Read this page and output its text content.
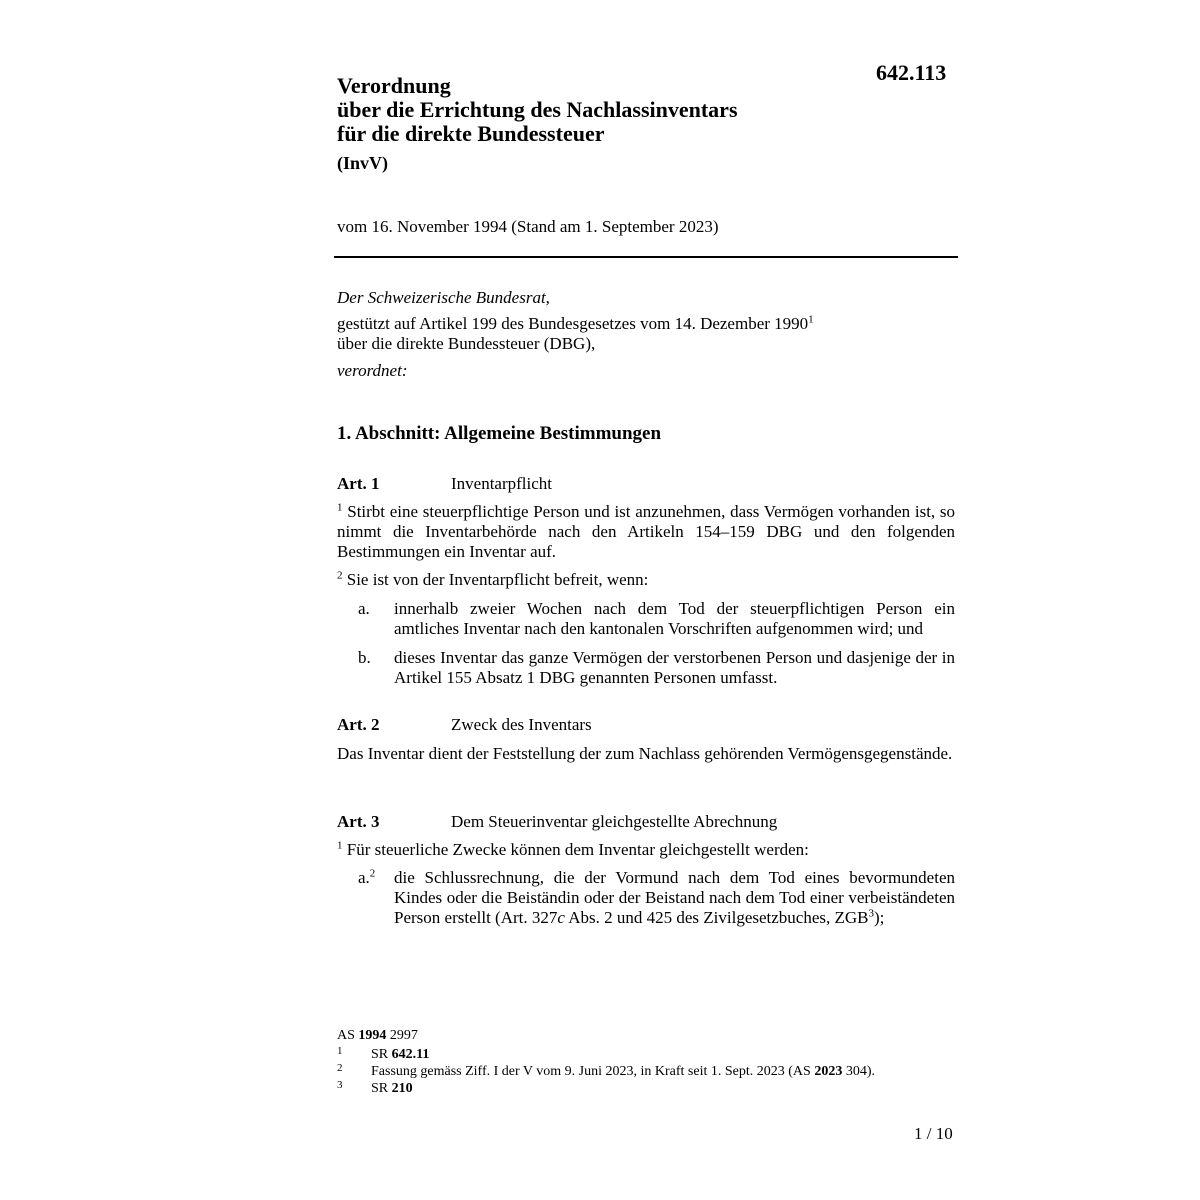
642.113
Verordnung
über die Errichtung des Nachlassinventars
für die direkte Bundessteuer
(InvV)
vom 16. November 1994 (Stand am 1. September 2023)
Der Schweizerische Bundesrat,
gestützt auf Artikel 199 des Bundesgesetzes vom 14. Dezember 1990$^1$
über die direkte Bundessteuer (DBG),
verordnet:
1. Abschnitt: Allgemeine Bestimmungen
Art. 1	Inventarpflicht
$^1$ Stirbt eine steuerpflichtige Person und ist anzunehmen, dass Vermögen vorhanden ist, so nimmt die Inventarbehörde nach den Artikeln 154–159 DBG und den folgenden Bestimmungen ein Inventar auf.
$^2$ Sie ist von der Inventarpflicht befreit, wenn:
a. innerhalb zweier Wochen nach dem Tod der steuerpflichtigen Person ein amtliches Inventar nach den kantonalen Vorschriften aufgenommen wird; und
b. dieses Inventar das ganze Vermögen der verstorbenen Person und dasjenige der in Artikel 155 Absatz 1 DBG genannten Personen umfasst.
Art. 2	Zweck des Inventars
Das Inventar dient der Feststellung der zum Nachlass gehörenden Vermögensgegenstände.
Art. 3	Dem Steuerinventar gleichgestellte Abrechnung
$^1$ Für steuerliche Zwecke können dem Inventar gleichgestellt werden:
a.$^2$ die Schlussrechnung, die der Vormund nach dem Tod eines bevormundeten Kindes oder die Beiständin oder der Beistand nach dem Tod einer verbeiständeten Person erstellt (Art. 327c Abs. 2 und 425 des Zivilgesetzbuches, ZGB$^3$);
AS 1994 2997
1 SR 642.11
2 Fassung gemäss Ziff. I der V vom 9. Juni 2023, in Kraft seit 1. Sept. 2023 (AS 2023 304).
3 SR 210
1 / 10
